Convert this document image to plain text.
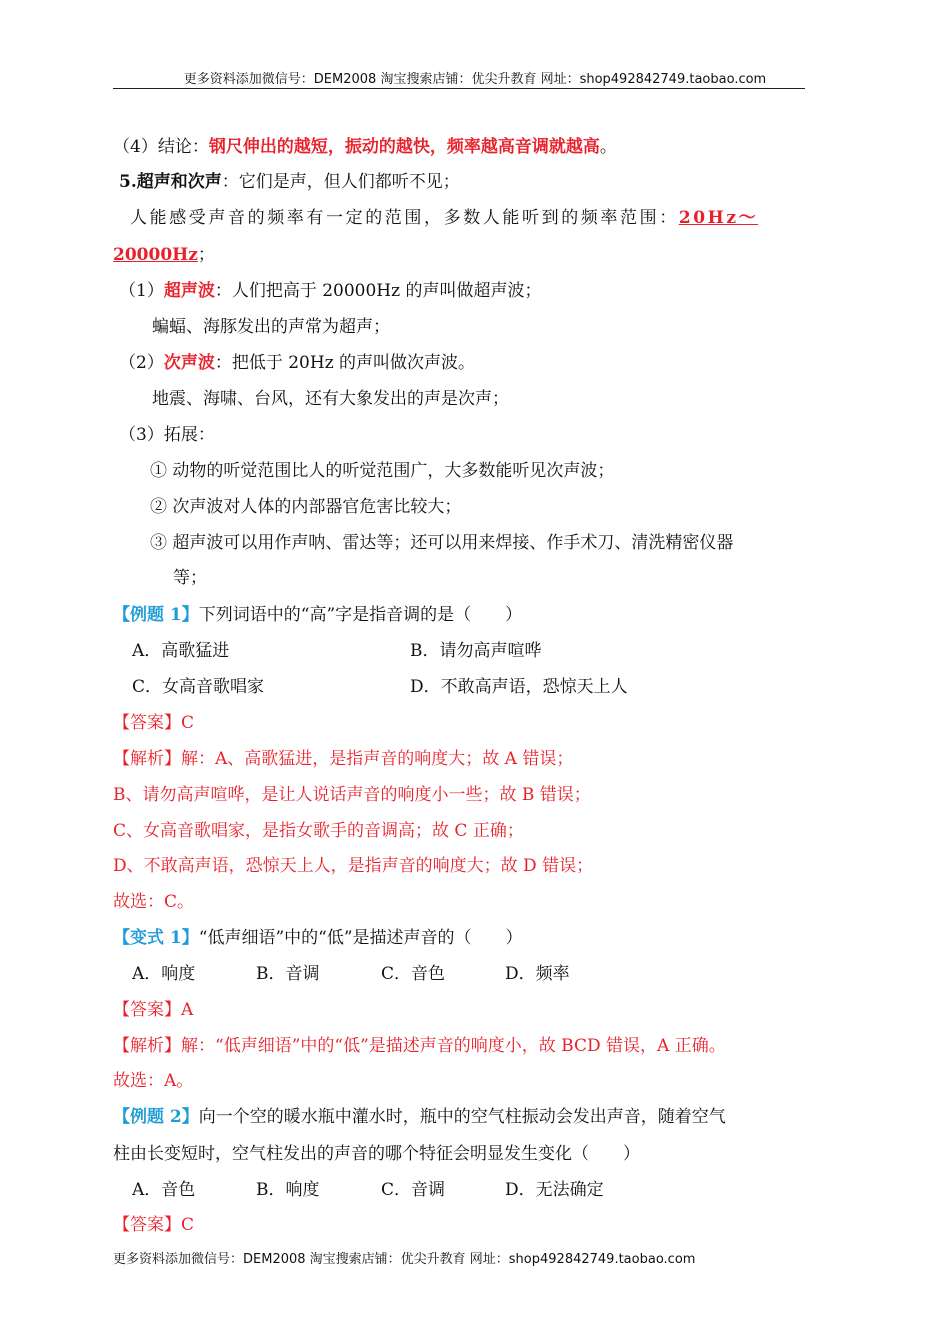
更多资料添加微信号：DEM2008 淘宝搜索店铺：优尖升教育 网址：shop492842749.taobao.com
（4）结论：钢尺伸出的越短，振动的越快，频率越高音调就越高。
5.超声和次声：它们是声，但人们都听不见；
人能感受声音的频率有一定的范围，多数人能听到的频率范围：20Hz～
20000Hz；
（1）超声波：人们把高于 20000Hz 的声叫做超声波；
蝙蝠、海豚发出的声常为超声；
（2）次声波：把低于 20Hz 的声叫做次声波。
地震、海啸、台风，还有大象发出的声是次声；
（3）拓展：
① 动物的听觉范围比人的听觉范围广，大多数能听见次声波；
② 次声波对人体的内部器官危害比较大；
③ 超声波可以用作声呐、雷达等；还可以用来焊接、作手术刀、清洗精密仪器
等；
【例题 1】下列词语中的“高”字是指音调的是（　　）
A．高歌猛进	B．请勿高声喧哗
C．女高音歌唱家	D．不敢高声语，恐惊天上人
【答案】C
【解析】解：A、高歌猛进，是指声音的响度大；故 A 错误；
B、请勿高声喧哗，是让人说话声音的响度小一些；故 B 错误；
C、女高音歌唱家，是指女歌手的音调高；故 C 正确；
D、不敢高声语，恐惊天上人，是指声音的响度大；故 D 错误；
故选：C。
【变式 1】“低声细语”中的“低”是描述声音的（　　）
A．响度	B．音调	C．音色	D．频率
【答案】A
【解析】解：“低声细语”中的“低”是描述声音的响度小，故 BCD 错误，A 正确。
故选：A。
【例题 2】向一个空的暖水瓶中灌水时，瓶中的空气柱振动会发出声音，随着空气
柱由长变短时，空气柱发出的声音的哪个特征会明显发生变化（　　）
A．音色	B．响度	C．音调	D．无法确定
【答案】C
更多资料添加微信号：DEM2008 淘宝搜索店铺：优尖升教育 网址：shop492842749.taobao.com
